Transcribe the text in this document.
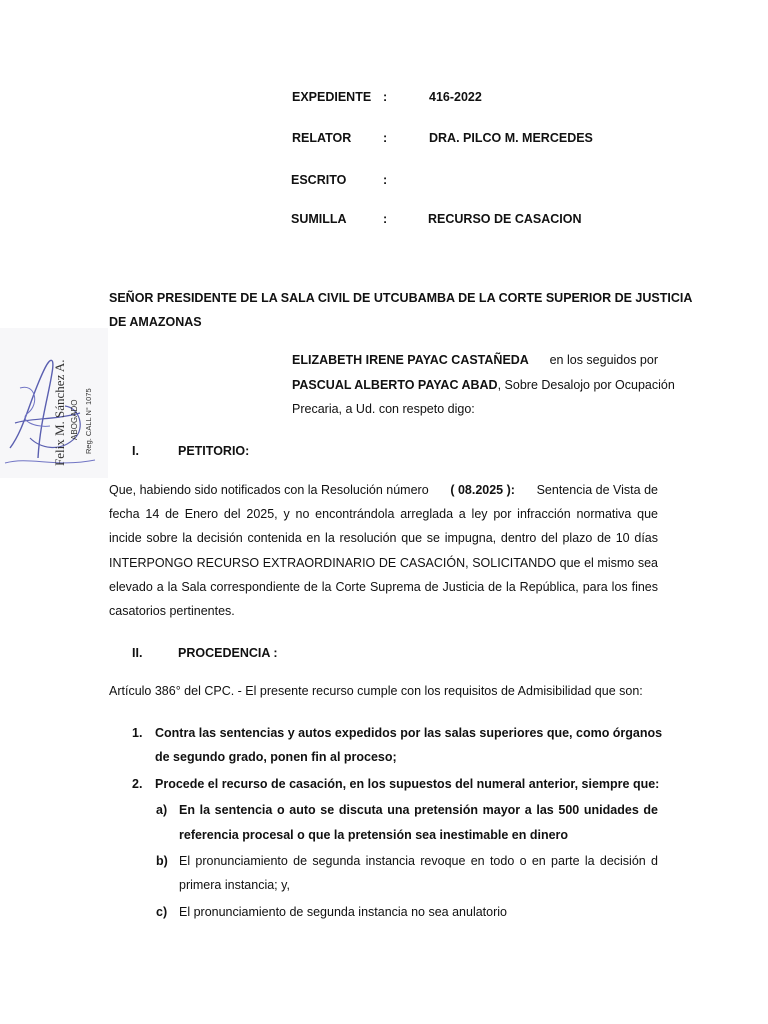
EXPEDIENTE :	416-2022
RELATOR	:	DRA. PILCO M. MERCEDES
ESCRITO	:
SUMILLA	:	RECURSO DE CASACION
SEÑOR PRESIDENTE DE LA SALA CIVIL DE UTCUBAMBA DE LA CORTE SUPERIOR DE JUSTICIA
DE AMAZONAS
Felix M. Sánchez A. ABOGADO Reg. CALL N° 1075
ELIZABETH IRENE PAYAC CASTAÑEDA en los seguidos por
PASCUAL ALBERTO PAYAC ABAD, Sobre Desalojo por Ocupación
Precaria, a Ud. con respeto digo:
I.	PETITORIO:
Que, habiendo sido notificados con la Resolución número ( 08.2025 ): Sentencia de Vista de
fecha 14 de Enero del 2025, y no encontrándola arreglada a ley por infracción normativa que
incide sobre la decisión contenida en la resolución que se impugna, dentro del plazo de 10 días
INTERPONGO RECURSO EXTRAORDINARIO DE CASACIÓN, SOLICITANDO que el mismo sea
elevado a la Sala correspondiente de la Corte Suprema de Justicia de la República, para los fines
casatorios pertinentes.
II.	PROCEDENCIA :
Artículo 386° del CPC. - El presente recurso cumple con los requisitos de Admisibilidad que son:
1. Contra las sentencias y autos expedidos por las salas superiores que, como órganos
de segundo grado, ponen fin al proceso;
2. Procede el recurso de casación, en los supuestos del numeral anterior, siempre que:
a) En la sentencia o auto se discuta una pretensión mayor a las 500 unidades de
referencia procesal o que la pretensión sea inestimable en dinero
b) El pronunciamiento de segunda instancia revoque en todo o en parte la decisión d
primera instancia; y,
c) El pronunciamiento de segunda instancia no sea anulatorio
